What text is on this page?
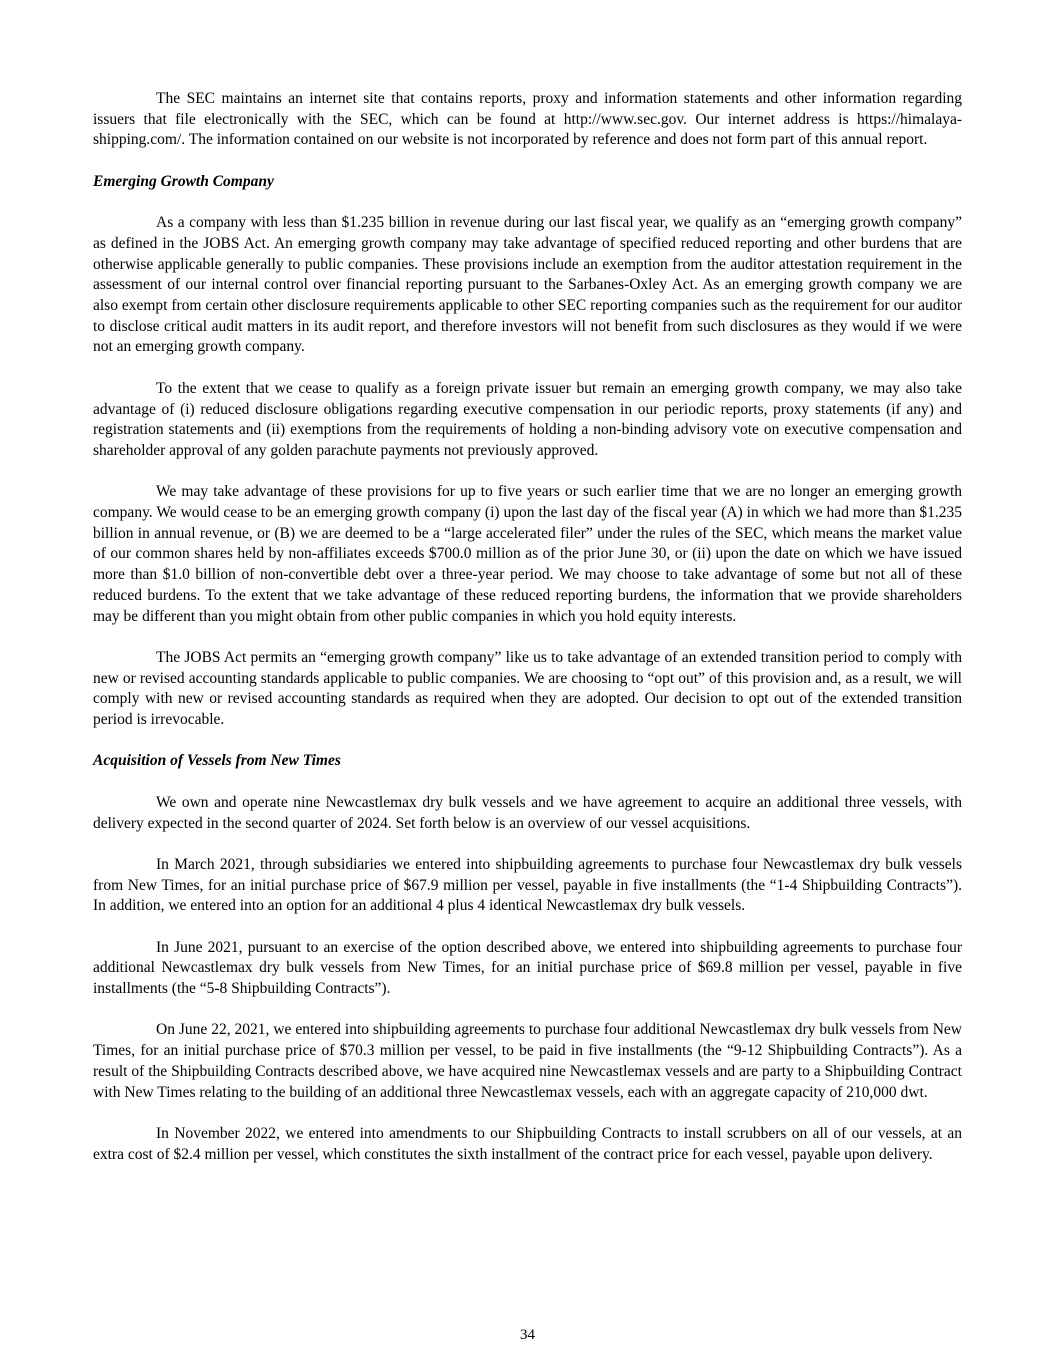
The SEC maintains an internet site that contains reports, proxy and information statements and other information regarding issuers that file electronically with the SEC, which can be found at http://www.sec.gov. Our internet address is https://himalaya-shipping.com/. The information contained on our website is not incorporated by reference and does not form part of this annual report.

Emerging Growth Company

As a company with less than $1.235 billion in revenue during our last fiscal year, we qualify as an “emerging growth company” as defined in the JOBS Act. An emerging growth company may take advantage of specified reduced reporting and other burdens that are otherwise applicable generally to public companies. These provisions include an exemption from the auditor attestation requirement in the assessment of our internal control over financial reporting pursuant to the Sarbanes-Oxley Act. As an emerging growth company we are also exempt from certain other disclosure requirements applicable to other SEC reporting companies such as the requirement for our auditor to disclose critical audit matters in its audit report, and therefore investors will not benefit from such disclosures as they would if we were not an emerging growth company.

To the extent that we cease to qualify as a foreign private issuer but remain an emerging growth company, we may also take advantage of (i) reduced disclosure obligations regarding executive compensation in our periodic reports, proxy statements (if any) and registration statements and (ii) exemptions from the requirements of holding a non-binding advisory vote on executive compensation and shareholder approval of any golden parachute payments not previously approved.

We may take advantage of these provisions for up to five years or such earlier time that we are no longer an emerging growth company. We would cease to be an emerging growth company (i) upon the last day of the fiscal year (A) in which we had more than $1.235 billion in annual revenue, or (B) we are deemed to be a “large accelerated filer” under the rules of the SEC, which means the market value of our common shares held by non-affiliates exceeds $700.0 million as of the prior June 30, or (ii) upon the date on which we have issued more than $1.0 billion of non-convertible debt over a three-year period. We may choose to take advantage of some but not all of these reduced burdens. To the extent that we take advantage of these reduced reporting burdens, the information that we provide shareholders may be different than you might obtain from other public companies in which you hold equity interests.

The JOBS Act permits an “emerging growth company” like us to take advantage of an extended transition period to comply with new or revised accounting standards applicable to public companies. We are choosing to “opt out” of this provision and, as a result, we will comply with new or revised accounting standards as required when they are adopted. Our decision to opt out of the extended transition period is irrevocable.

Acquisition of Vessels from New Times

We own and operate nine Newcastlemax dry bulk vessels and we have agreement to acquire an additional three vessels, with delivery expected in the second quarter of 2024. Set forth below is an overview of our vessel acquisitions.

In March 2021, through subsidiaries we entered into shipbuilding agreements to purchase four Newcastlemax dry bulk vessels from New Times, for an initial purchase price of $67.9 million per vessel, payable in five installments (the “1-4 Shipbuilding Contracts”). In addition, we entered into an option for an additional 4 plus 4 identical Newcastlemax dry bulk vessels.

In June 2021, pursuant to an exercise of the option described above, we entered into shipbuilding agreements to purchase four additional Newcastlemax dry bulk vessels from New Times, for an initial purchase price of $69.8 million per vessel, payable in five installments (the “5-8 Shipbuilding Contracts”).

On June 22, 2021, we entered into shipbuilding agreements to purchase four additional Newcastlemax dry bulk vessels from New Times, for an initial purchase price of $70.3 million per vessel, to be paid in five installments (the “9-12 Shipbuilding Contracts”). As a result of the Shipbuilding Contracts described above, we have acquired nine Newcastlemax vessels and are party to a Shipbuilding Contract with New Times relating to the building of an additional three Newcastlemax vessels, each with an aggregate capacity of 210,000 dwt.

In November 2022, we entered into amendments to our Shipbuilding Contracts to install scrubbers on all of our vessels, at an extra cost of $2.4 million per vessel, which constitutes the sixth installment of the contract price for each vessel, payable upon delivery.

34
